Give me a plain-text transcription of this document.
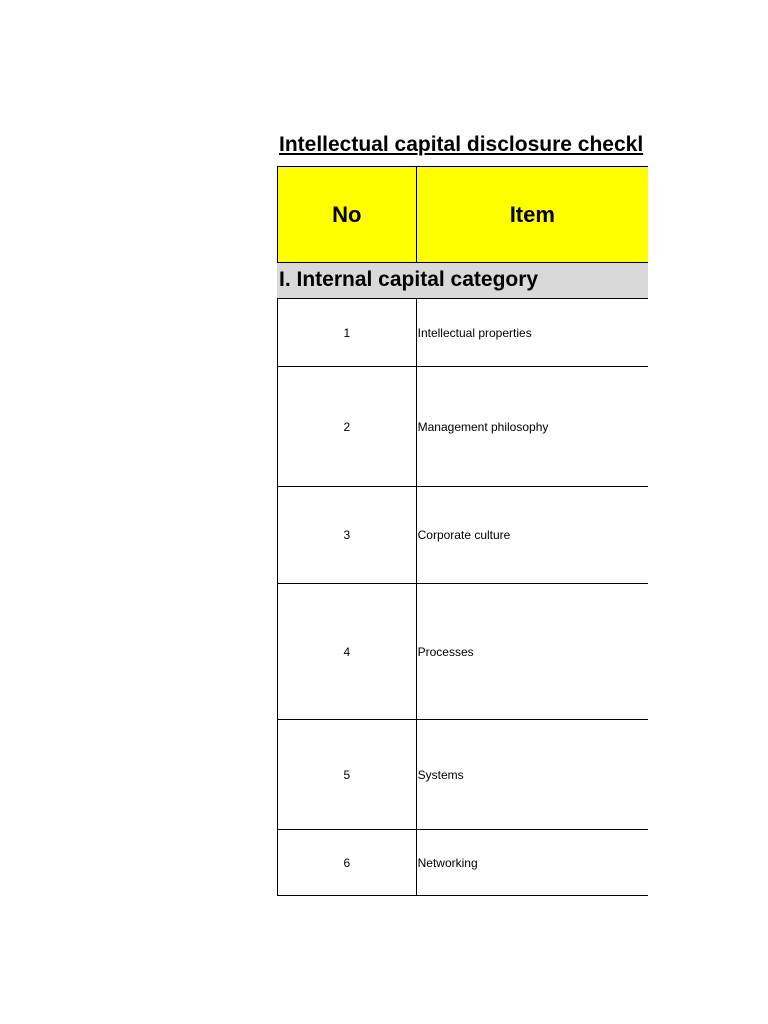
Intellectual capital disclosure checkl
No	Item
I. Internal capital category
1	Intellectual properties
2	Management philosophy
3	Corporate culture
4	Processes
5	Systems
6	Networking
